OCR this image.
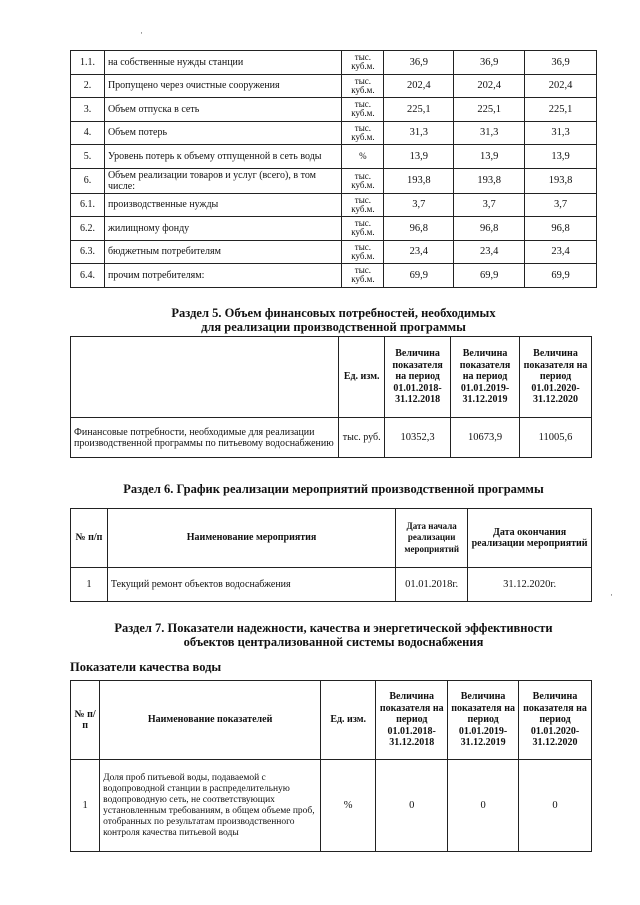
·
·
1.1.	на собственные нужды станции	тыс. куб.м.	36,9	36,9	36,9
2.	Пропущено через очистные сооружения	тыс. куб.м.	202,4	202,4	202,4
3.	Объем отпуска в сеть	тыс. куб.м.	225,1	225,1	225,1
4.	Объем потерь	тыс. куб.м.	31,3	31,3	31,3
5.	Уровень потерь к объему отпущенной в сеть воды	%	13,9	13,9	13,9
6.	Объем реализации товаров и услуг (всего), в том числе:	тыс. куб.м.	193,8	193,8	193,8
6.1.	производственные нужды	тыс. куб.м.	3,7	3,7	3,7
6.2.	жилищному фонду	тыс. куб.м.	96,8	96,8	96,8
6.3.	бюджетным потребителям	тыс. куб.м.	23,4	23,4	23,4
6.4.	прочим потребителям:	тыс. куб.м.	69,9	69,9	69,9
Раздел 5. Объем финансовых потребностей, необходимых
для реализации производственной программы
	Ед. изм.	Величина показателя на период 01.01.2018-31.12.2018	Величина показателя на период 01.01.2019-31.12.2019	Величина показателя на период 01.01.2020-31.12.2020
Финансовые потребности, необходимые для реализации производственной программы по питьевому водоснабжению	тыс. руб.	10352,3	10673,9	11005,6
Раздел 6. График реализации мероприятий производственной программы
№ п/п	Наименование мероприятия	Дата начала реализации мероприятий	Дата окончания реализации мероприятий
1	Текущий ремонт объектов водоснабжения	01.01.2018г.	31.12.2020г.
Раздел 7. Показатели надежности, качества и энергетической эффективности
объектов централизованной системы водоснабжения
Показатели качества воды
№ п/п	Наименование показателей	Ед. изм.	Величина показателя на период 01.01.2018-31.12.2018	Величина показателя на период 01.01.2019-31.12.2019	Величина показателя на период 01.01.2020-31.12.2020
1	Доля проб питьевой воды, подаваемой с водопроводной станции в распределительную водопроводную сеть, не соответствующих установленным требованиям, в общем объеме проб, отобранных по результатам производственного контроля качества питьевой воды	%	0	0	0
